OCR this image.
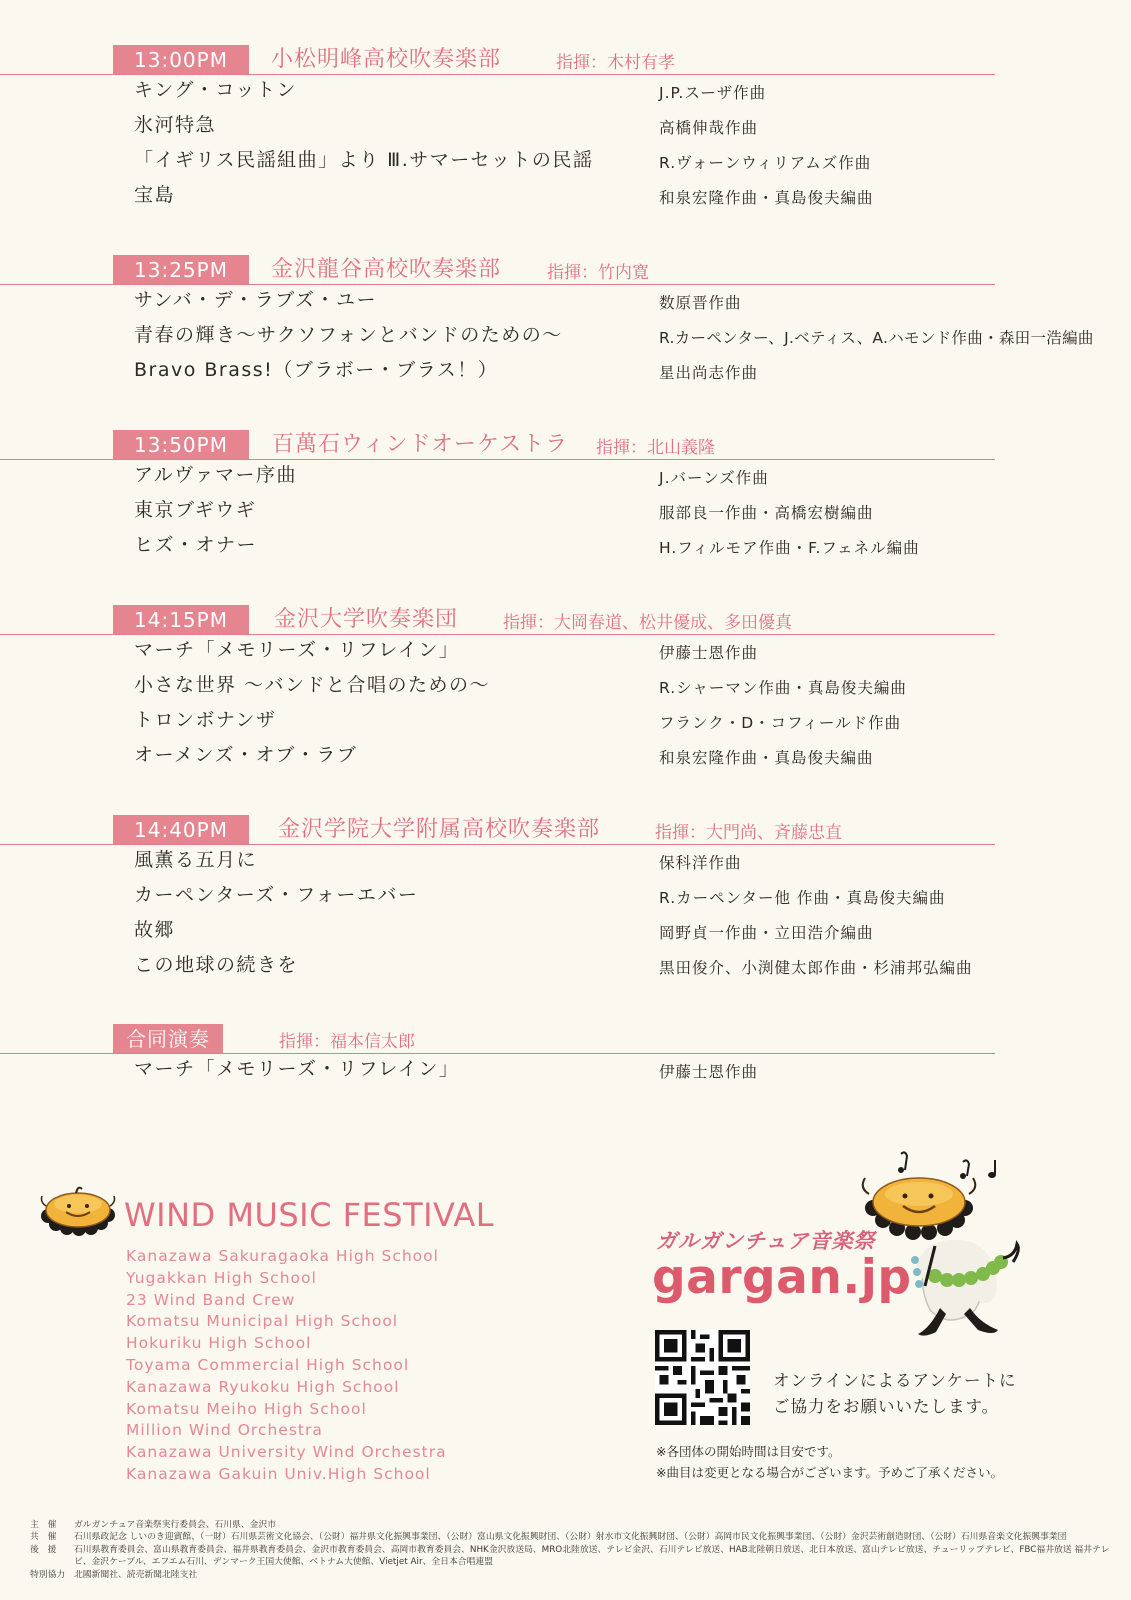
13:00PM	小松明峰高校吹奏楽部	指揮：木村有孝
キング・コットン	J.P.スーザ作曲
氷河特急	高橋伸哉作曲
「イギリス民謡組曲」より Ⅲ.サマーセットの民謡	R.ヴォーンウィリアムズ作曲
宝島	和泉宏隆作曲・真島俊夫編曲
13:25PM	金沢龍谷高校吹奏楽部	指揮：竹内寛
サンバ・デ・ラブズ・ユー	数原晋作曲
青春の輝き〜サクソフォンとバンドのための〜	R.カーペンター、J.ベティス、A.ハモンド作曲・森田一浩編曲
Bravo Brass!（ブラボー・ブラス！）	星出尚志作曲
13:50PM	百萬石ウィンドオーケストラ 指揮：北山義隆
アルヴァマー序曲	J.バーンズ作曲
東京ブギウギ	服部良一作曲・高橋宏樹編曲
ヒズ・オナー	H.フィルモア作曲・F.フェネル編曲
14:15PM	金沢大学吹奏楽団	指揮：大岡春道、松井優成、多田優真
マーチ「メモリーズ・リフレイン」	伊藤士恩作曲
小さな世界 〜バンドと合唱のための〜	R.シャーマン作曲・真島俊夫編曲
トロンボナンザ	フランク・D・コフィールド作曲
オーメンズ・オブ・ラブ	和泉宏隆作曲・真島俊夫編曲
14:40PM	金沢学院大学附属高校吹奏楽部	指揮：大門尚、斉藤忠直
風薫る五月に	保科洋作曲
カーペンターズ・フォーエバー	R.カーペンター他 作曲・真島俊夫編曲
故郷	岡野貞一作曲・立田浩介編曲
この地球の続きを	黒田俊介、小渕健太郎作曲・杉浦邦弘編曲
合同演奏	指揮：福本信太郎
マーチ「メモリーズ・リフレイン」	伊藤士恩作曲
WIND MUSIC FESTIVAL
Kanazawa Sakuragaoka High School
Yugakkan High School
23 Wind Band Crew
Komatsu Municipal High School
Hokuriku High School
Toyama Commercial High School
Kanazawa Ryukoku High School
Komatsu Meiho High School
Million Wind Orchestra
Kanazawa University Wind Orchestra
Kanazawa Gakuin Univ.High School
ガルガンチュア音楽祭
gargan.jp
オンラインによるアンケートに
ご協力をお願いいたします。
※各団体の開始時間は目安です。
※曲目は変更となる場合がございます。予めご了承ください。
主　催	ガルガンチュア音楽祭実行委員会、石川県、金沢市
共　催	石川県政記念 しいのき迎賓館、（一財）石川県芸術文化協会、（公財）福井県文化振興事業団、（公財）富山県文化振興財団、（公財）射水市文化振興財団、（公財）高岡市民文化振興事業団、（公財）金沢芸術創造財団、（公財）石川県音楽文化振興事業団
後　援	石川県教育委員会、富山県教育委員会、福井県教育委員会、金沢市教育委員会、高岡市教育委員会、NHK金沢放送局、MRO北陸放送、テレビ金沢、石川テレビ放送、HAB北陸朝日放送、北日本放送、富山テレビ放送、チューリップテレビ、FBC福井放送 福井テレビ、金沢ケーブル、エフエム石川、デンマーク王国大使館、ベトナム大使館、Vietjet Air、全日本合唱連盟
特別協力 北國新聞社、読売新聞北陸支社
